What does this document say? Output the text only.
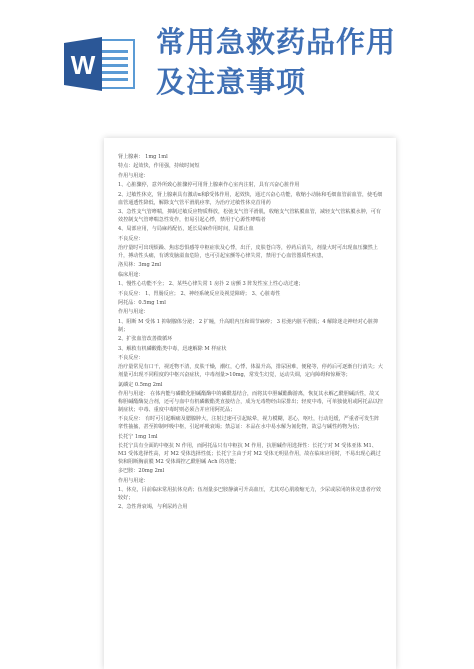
W
常用急救药品作用
及注意事项

肾上腺素： 1mg 1ml

特点：起效快，作用强，持续时间短

作用与用途：

1、心脏骤停，意外所致心脏骤停可用肾上腺素作心室内注射，具有兴奋心脏作用

2、过敏性休克，肾上腺素具有激动α和β受体作用，起效快，通过兴奋心功能，收缩小动脉和毛细血管前血管，使毛细血管通透性降低，解除支气管平滑肌痉挛，为治疗过敏性休克首用药

3、急性支气管哮喘，抑制过敏反应物质释放，松弛支气管平滑肌，收缩支气管粘膜血管，减轻支气管粘膜水肿，可有效控制支气管哮喘急性发作，但易引起心悸，禁用于心源性哮喘者

4、局部应用，与局麻药配伍，延长局麻作用时间，局部止血

不良反应：

治疗量时可出现烦躁、焦虑恐惧感等中枢症状及心悸，出汗，皮肤苍白等，停药后消失，剂量大时可出现血压骤然上升，搏动性头痛，有诱发脑溢血危险，也可引起室颤等心律失常，禁用于心血管器质性疾患，

洛贝林：3mg 2ml

临床用途：

1、慢性心功能不全； 2、某些心律失常 1 房扑 2 房颤 3 阵发性室上性心动过速；

不良反应： 1、胃肠反应； 2、神经系统反应及视觉障碍； 3、心脏毒性

阿托品：0.5mg 1ml

作用与用途：

1、阻断 M 受体 1 抑制腺体分泌； 2 扩瞳，升高眼内压和调节麻痹； 3 松弛内脏平滑肌；4 解除迷走神经对心脏抑制；

2、扩张血管改善微循环

3、解救有机磷酸酯类中毒，迅速解除 M 样症状

不良反应：

治疗量常见有口干，视近物不清，皮肤干燥，潮红，心悸，体温升高，排尿困难，便秘等，停药后可逐渐自行消失；大剂量可出现不同程度的中枢兴奋症状，中毒剂量>10mg，常发生幻觉，运动失调，定向障碍和惊厥等；

氯磷定 0.5mg 2ml

作用与用途： 在体内能与磷酰化胆碱酯酶中的磷酰基结合，而将其中胆碱酯酶游离，恢复其水解乙酰胆碱活性，故又称胆碱酯酶复合剂，还可与血中有机磷酸酯类直接结合，成为无毒物经由尿排出；轻度中毒，可单独使用或阿托品以控制症状；中毒、重度中毒时则必须合并应用阿托品；

不良反应： 有时可引起咽痛及腮腺肿大，注射过速可引起眩晕，视力模糊，恶心，呕吐，行动迟缓，严重者可发生阵挛性抽搐，甚至抑制呼吸中枢，引起呼吸衰竭；禁忌证：本品在水中易水解为氰化物，故忌与碱性药物为伍；

长托宁 1mg 1ml

长托宁具有全面的中枢抗 N 作用，而阿托品只有中枢抗 M 作用，抗胆碱作用选择性：长托宁对 M 受体亚体 M1、M3 受体选择性高，对 M2 受体选择性低；长托宁主由于对 M2 受体无明显作用，故在临床应用时，不易出现心跳过快和阻断胸前膜 M2 受体调控乙酰胆碱 Ach 的功能；

多巴胺：20mg 2ml

作用与用途：

1、休克，目前临床常用抗休克药；伍剂量多巴胺静滴可升高血压，尤其对心肌收缩无力，少尿或尿闭的休克患者疗效较好；

2、急性肾衰竭，与利尿药合用
